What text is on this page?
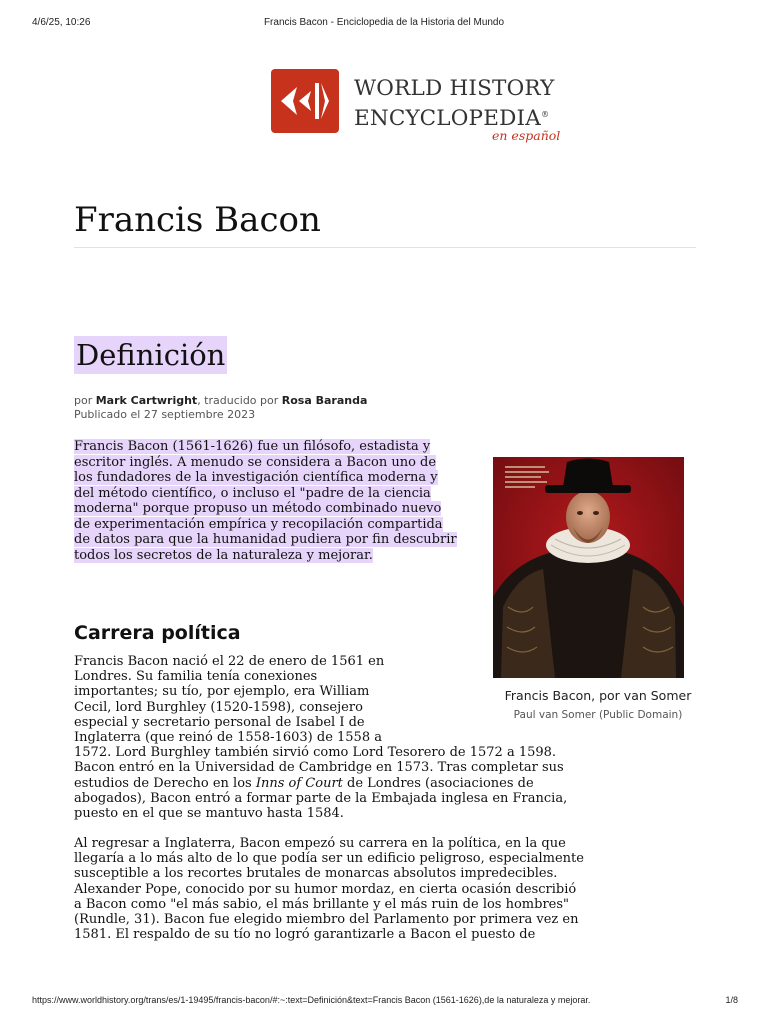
4/6/25, 10:26	Francis Bacon - Enciclopedia de la Historia del Mundo
WORLD HISTORY
ENCYCLOPEDIA®
en español
Francis Bacon
Definición
por Mark Cartwright, traducido por Rosa Baranda
Publicado el 27 septiembre 2023

Francis Bacon (1561-1626) fue un filósofo, estadista y escritor inglés. A menudo se considera a Bacon uno de los fundadores de la investigación científica moderna y del método científico, o incluso el "padre de la ciencia moderna" porque propuso un método combinado nuevo de experimentación empírica y recopilación compartida de datos para que la humanidad pudiera por fin descubrir todos los secretos de la naturaleza y mejorar.

Carrera política

Francis Bacon nació el 22 de enero de 1561 en
Londres. Su familia tenía conexiones
importantes; su tío, por ejemplo, era William
Cecil, lord Burghley (1520-1598), consejero
especial y secretario personal de Isabel I de
Inglaterra (que reinó de 1558-1603) de 1558 a
1572. Lord Burghley también sirvió como Lord Tesorero de 1572 a 1598.
Bacon entró en la Universidad de Cambridge en 1573. Tras completar sus
estudios de Derecho en los Inns of Court de Londres (asociaciones de
abogados), Bacon entró a formar parte de la Embajada inglesa en Francia,
puesto en el que se mantuvo hasta 1584.

Al regresar a Inglaterra, Bacon empezó su carrera en la política, en la que
llegaría a lo más alto de lo que podía ser un edificio peligroso, especialmente
susceptible a los recortes brutales de monarcas absolutos impredecibles.
Alexander Pope, conocido por su humor mordaz, en cierta ocasión describió
a Bacon como "el más sabio, el más brillante y el más ruin de los hombres"
(Rundle, 31). Bacon fue elegido miembro del Parlamento por primera vez en
1581. El respaldo de su tío no logró garantizarle a Bacon el puesto de

Francis Bacon, por van Somer
Paul van Somer (Public Domain)
https://www.worldhistory.org/trans/es/1-19495/francis-bacon/#:~:text=Definición&text=Francis Bacon (1561-1626),de la naturaleza y mejorar.	1/8
